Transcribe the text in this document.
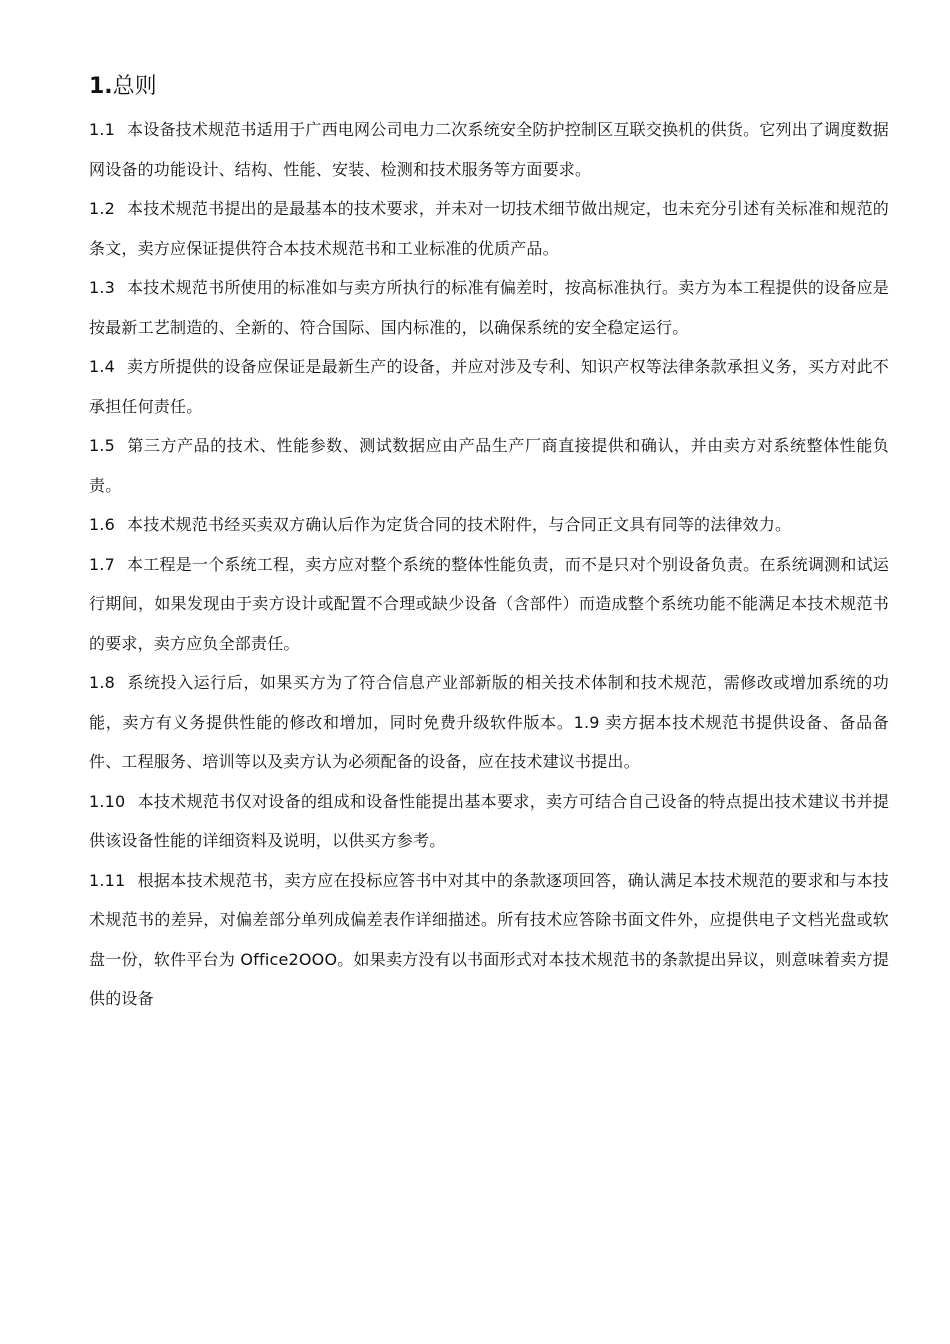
1.总则

1.1 本设备技术规范书适用于广西电网公司电力二次系统安全防护控制区互联交换机的供货。它列出了调度数据网设备的功能设计、结构、性能、安装、检测和技术服务等方面要求。

1.2 本技术规范书提出的是最基本的技术要求，并未对一切技术细节做出规定，也未充分引述有关标准和规范的条文，卖方应保证提供符合本技术规范书和工业标准的优质产品。

1.3 本技术规范书所使用的标准如与卖方所执行的标准有偏差时，按高标准执行。卖方为本工程提供的设备应是按最新工艺制造的、全新的、符合国际、国内标准的，以确保系统的安全稳定运行。

1.4 卖方所提供的设备应保证是最新生产的设备，并应对涉及专利、知识产权等法律条款承担义务，买方对此不承担任何责任。

1.5 第三方产品的技术、性能参数、测试数据应由产品生产厂商直接提供和确认，并由卖方对系统整体性能负责。

1.6 本技术规范书经买卖双方确认后作为定货合同的技术附件，与合同正文具有同等的法律效力。

1.7 本工程是一个系统工程，卖方应对整个系统的整体性能负责，而不是只对个别设备负责。在系统调测和试运行期间，如果发现由于卖方设计或配置不合理或缺少设备（含部件）而造成整个系统功能不能满足本技术规范书的要求，卖方应负全部责任。

1.8 系统投入运行后，如果买方为了符合信息产业部新版的相关技术体制和技术规范，需修改或增加系统的功能，卖方有义务提供性能的修改和增加，同时免费升级软件版本。1.9 卖方据本技术规范书提供设备、备品备件、工程服务、培训等以及卖方认为必须配备的设备，应在技术建议书提出。

1.10 本技术规范书仅对设备的组成和设备性能提出基本要求，卖方可结合自己设备的特点提出技术建议书并提供该设备性能的详细资料及说明，以供买方参考。

1.11 根据本技术规范书，卖方应在投标应答书中对其中的条款逐项回答，确认满足本技术规范的要求和与本技术规范书的差异，对偏差部分单列成偏差表作详细描述。所有技术应答除书面文件外，应提供电子文档光盘或软盘一份，软件平台为 Office2OOO。如果卖方没有以书面形式对本技术规范书的条款提出异议，则意味着卖方提供的设备
